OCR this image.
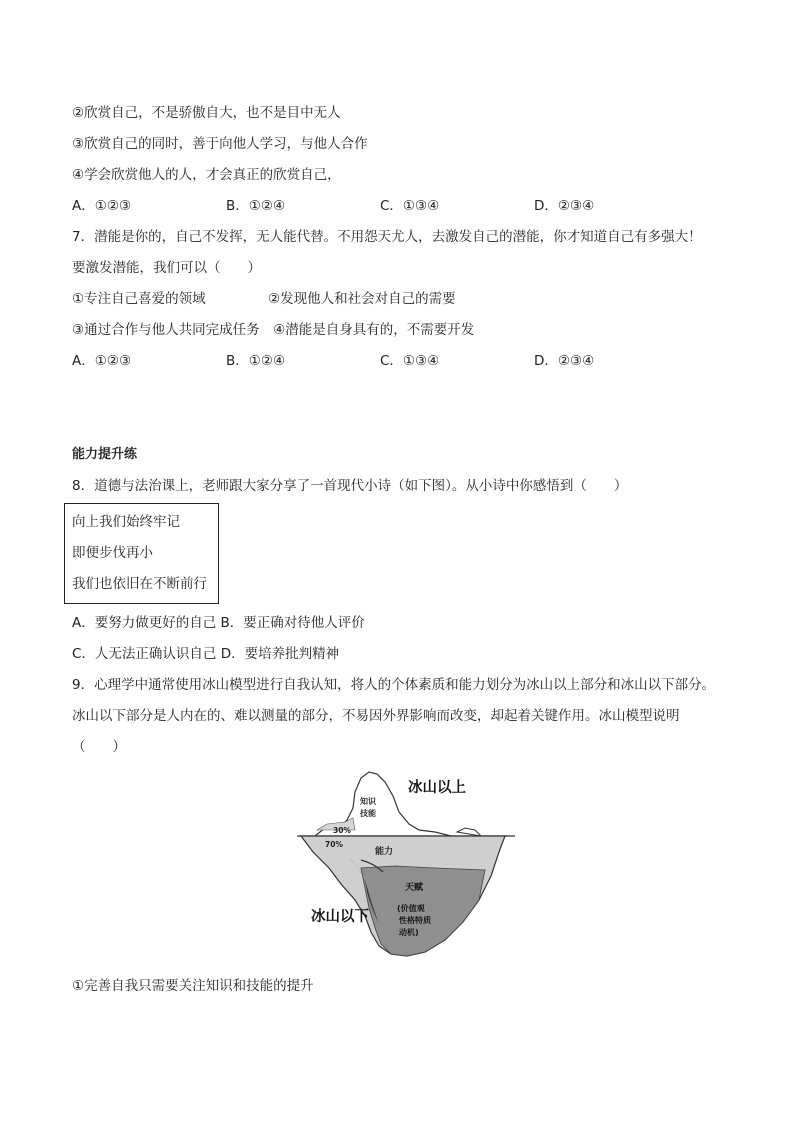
②欣赏自己，不是骄傲自大，也不是目中无人
③欣赏自己的同时，善于向他人学习，与他人合作
④学会欣赏他人的人，才会真正的欣赏自己，
A．①②③	B．①②④	C．①③④	D．②③④
7．潜能是你的，自己不发挥，无人能代替。不用怨天尤人，去激发自己的潜能，你才知道自己有多强大！
要激发潜能，我们可以（　　）
①专注自己喜爱的领域	②发现他人和社会对自己的需要
③通过合作与他人共同完成任务　④潜能是自身具有的，不需要开发
A．①②③	B．①②④	C．①③④	D．②③④
能力提升练
8．道德与法治课上，老师跟大家分享了一首现代小诗（如下图）。从小诗中你感悟到（　　）
向上我们始终牢记
即便步伐再小
我们也依旧在不断前行
A．要努力做更好的自己 B．要正确对待他人评价
C．人无法正确认识自己 D．要培养批判精神
9．心理学中通常使用冰山模型进行自我认知，将人的个体素质和能力划分为冰山以上部分和冰山以下部分。
冰山以下部分是人内在的、难以测量的部分，不易因外界影响而改变，却起着关键作用。冰山模型说明
（　　）
知识
技能
30%
70%
能力
天赋
(价值观
性格特质
动机)
冰山以上
冰山以下
①完善自我只需要关注知识和技能的提升
